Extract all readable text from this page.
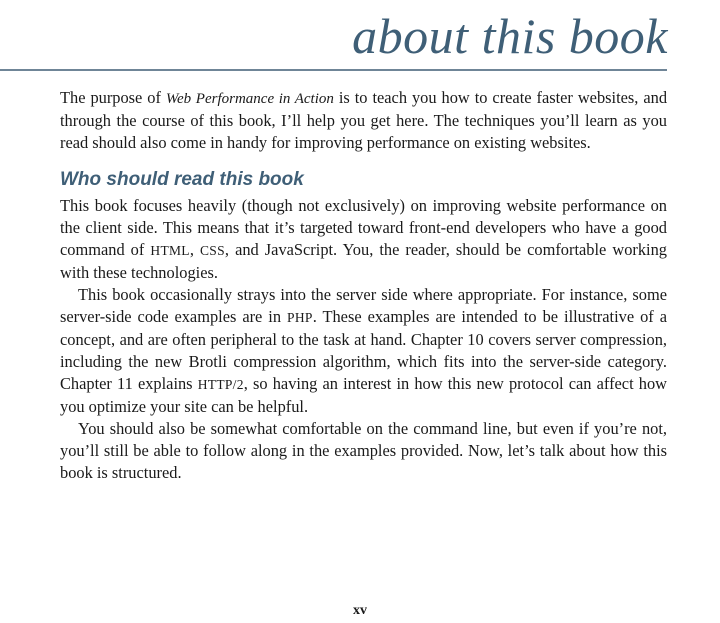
about this book

The purpose of Web Performance in Action is to teach you how to create faster websites, and through the course of this book, I’ll help you get here. The techniques you’ll learn as you read should also come in handy for improving performance on existing websites.

Who should read this book

This book focuses heavily (though not exclusively) on improving website performance on the client side. This means that it’s targeted toward front-end developers who have a good command of HTML, CSS, and JavaScript. You, the reader, should be comfortable working with these technologies.

This book occasionally strays into the server side where appropriate. For instance, some server-side code examples are in PHP. These examples are intended to be illustrative of a concept, and are often peripheral to the task at hand. Chapter 10 covers server compression, including the new Brotli compression algorithm, which fits into the server-side category. Chapter 11 explains HTTP/2, so having an interest in how this new protocol can affect how you optimize your site can be helpful.

You should also be somewhat comfortable on the command line, but even if you’re not, you’ll still be able to follow along in the examples provided. Now, let’s talk about how this book is structured.

xv
